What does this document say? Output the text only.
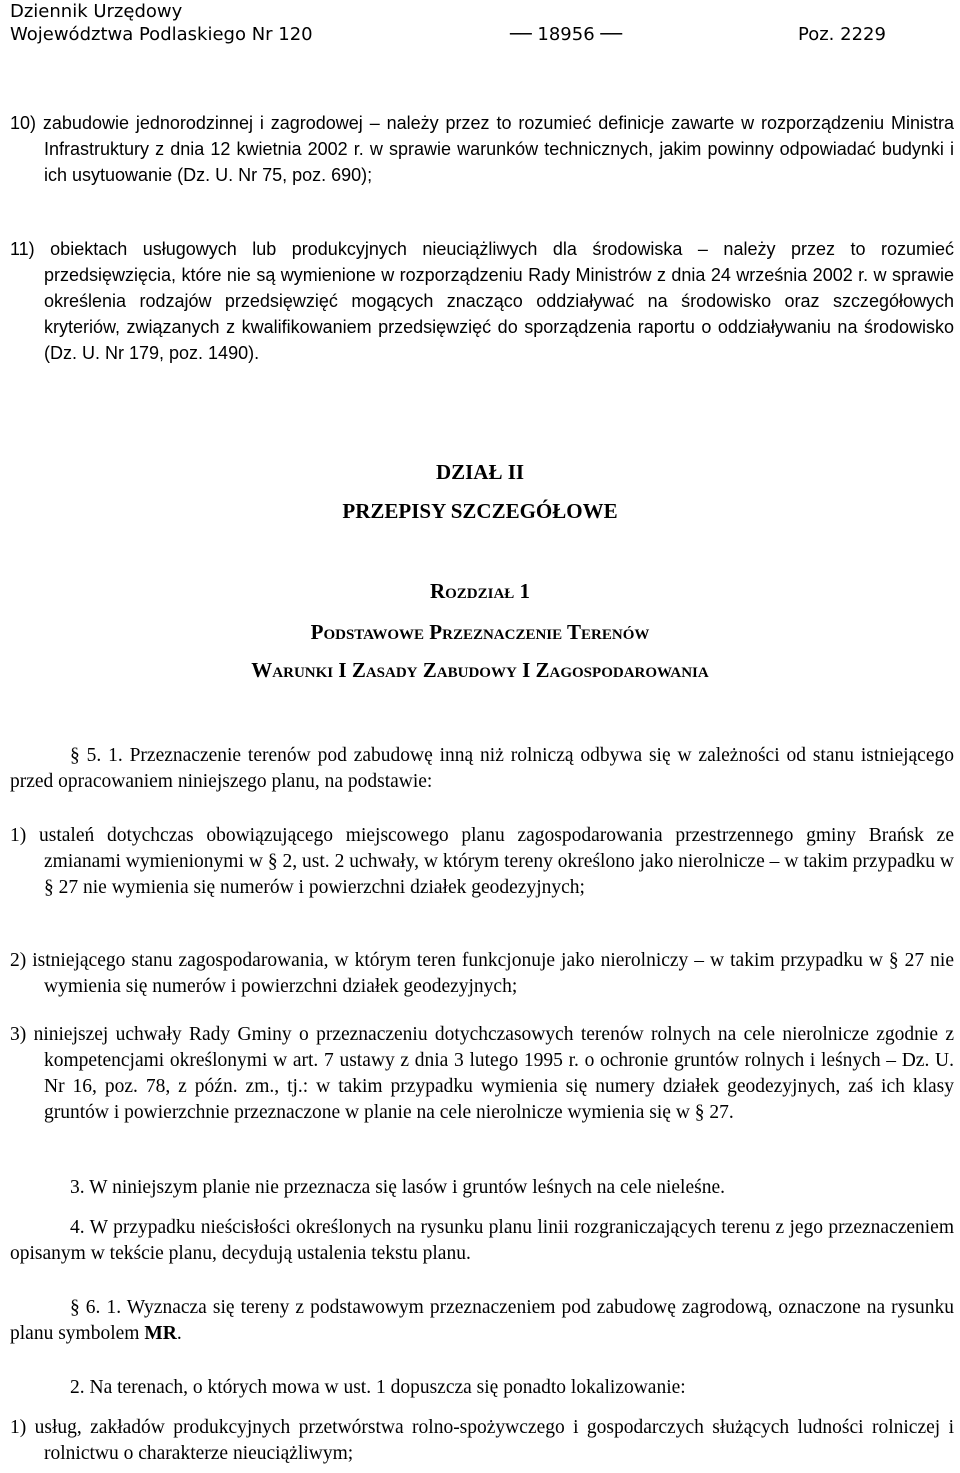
Dziennik Urzędowy
Województwa Podlaskiego Nr 120	── 18956 ──	Poz. 2229
10) zabudowie jednorodzinnej i zagrodowej – należy przez to rozumieć definicje zawarte w rozporządzeniu Ministra Infrastruktury z dnia 12 kwietnia 2002 r. w sprawie warunków technicznych, jakim powinny odpowiadać budynki i ich usytuowanie (Dz. U. Nr 75, poz. 690);
11) obiektach usługowych lub produkcyjnych nieuciążliwych dla środowiska – należy przez to rozumieć przedsięwzięcia, które nie są wymienione w rozporządzeniu Rady Ministrów z dnia 24 września 2002 r. w sprawie określenia rodzajów przedsięwzięć mogących znacząco oddziaływać na środowisko oraz szczegółowych kryteriów, związanych z kwalifikowaniem przedsięwzięć do sporządzenia raportu o oddziaływaniu na środowisko (Dz. U. Nr 179, poz. 1490).
DZIAŁ II
PRZEPISY SZCZEGÓŁOWE
ROZDZIAŁ 1
PODSTAWOWE PRZEZNACZENIE TERENÓW
WARUNKI I ZASADY ZABUDOWY I ZAGOSPODAROWANIA
§ 5. 1. Przeznaczenie terenów pod zabudowę inną niż rolniczą odbywa się w zależności od stanu istniejącego przed opracowaniem niniejszego planu, na podstawie:
1) ustaleń dotychczas obowiązującego miejscowego planu zagospodarowania przestrzennego gminy Brańsk ze zmianami wymienionymi w § 2, ust. 2 uchwały, w którym tereny określono jako nierolnicze – w takim przypadku w § 27 nie wymienia się numerów i powierzchni działek geodezyjnych;
2) istniejącego stanu zagospodarowania, w którym teren funkcjonuje jako nierolniczy – w takim przypadku w § 27 nie wymienia się numerów i powierzchni działek geodezyjnych;
3) niniejszej uchwały Rady Gminy o przeznaczeniu dotychczasowych terenów rolnych na cele nierolnicze zgodnie z kompetencjami określonymi w art. 7 ustawy z dnia 3 lutego 1995 r. o ochronie gruntów rolnych i leśnych – Dz. U. Nr 16, poz. 78, z późn. zm., tj.: w takim przypadku wymienia się numery działek geodezyjnych, zaś ich klasy gruntów i powierzchnie przeznaczone w planie na cele nierolnicze wymienia się w § 27.
3. W niniejszym planie nie przeznacza się lasów i gruntów leśnych na cele nieleśne.
4. W przypadku nieścisłości określonych na rysunku planu linii rozgraniczających terenu z jego przeznaczeniem opisanym w tekście planu, decydują ustalenia tekstu planu.
§ 6. 1. Wyznacza się tereny z podstawowym przeznaczeniem pod zabudowę zagrodową, oznaczone na rysunku planu symbolem MR.
2. Na terenach, o których mowa w ust. 1 dopuszcza się ponadto lokalizowanie:
1) usług, zakładów produkcyjnych przetwórstwa rolno-spożywczego i gospodarczych służących ludności rolniczej i rolnictwu o charakterze nieuciążliwym;
